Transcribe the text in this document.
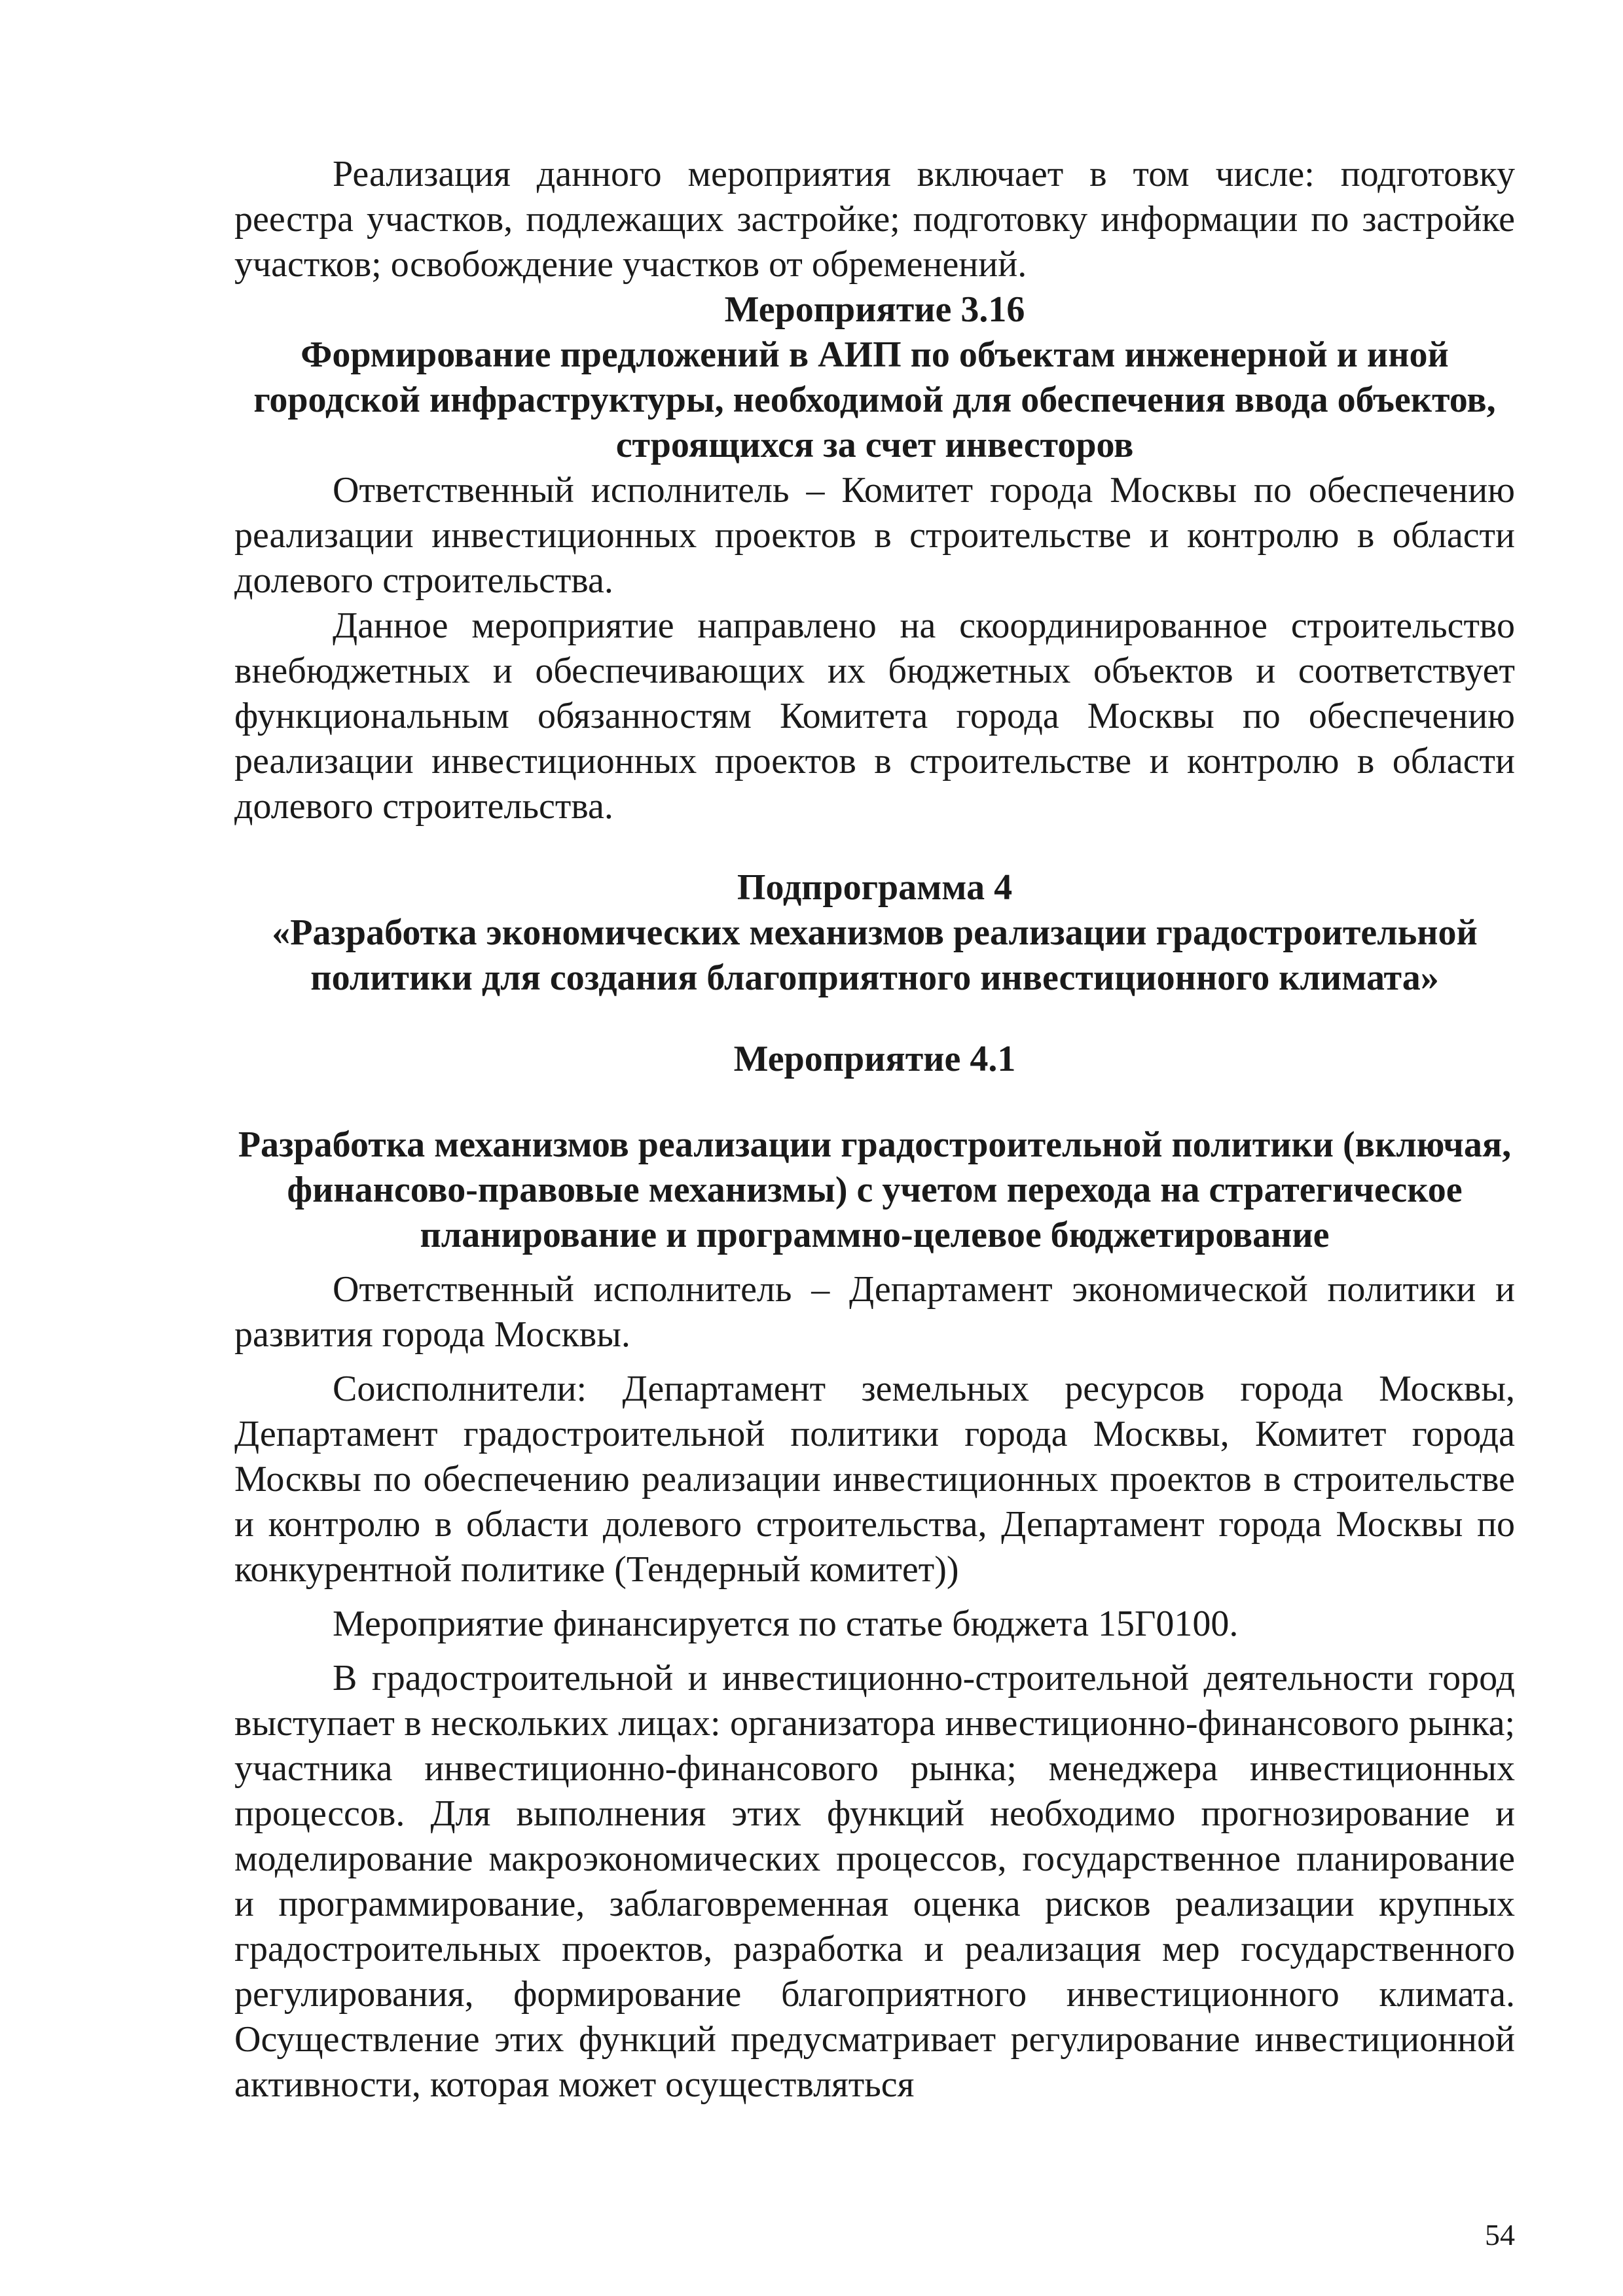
Реализация данного мероприятия включает в том числе: подготовку реестра участков, подлежащих застройке; подготовку информации по застройке участков; освобождение участков от обременений.

Мероприятие 3.16
Формирование предложений в АИП по объектам инженерной и иной городской инфраструктуры, необходимой для обеспечения ввода объектов, строящихся за счет инвесторов

Ответственный исполнитель – Комитет города Москвы по обеспечению реализации инвестиционных проектов в строительстве и контролю в области долевого строительства.

Данное мероприятие направлено на скоординированное строительство внебюджетных и обеспечивающих их бюджетных объектов и соответствует функциональным обязанностям Комитета города Москвы по обеспечению реализации инвестиционных проектов в строительстве и контролю в области долевого строительства.

Подпрограмма 4
«Разработка экономических механизмов реализации градостроительной политики для создания благоприятного инвестиционного климата»
Мероприятие 4.1
Разработка механизмов реализации градостроительной политики (включая, финансово-правовые механизмы) с учетом перехода на стратегическое планирование и программно-целевое бюджетирование

Ответственный исполнитель – Департамент экономической политики и развития города Москвы.

Соисполнители: Департамент земельных ресурсов города Москвы, Департамент градостроительной политики города Москвы, Комитет города Москвы по обеспечению реализации инвестиционных проектов в строительстве и контролю в области долевого строительства, Департамент города Москвы по конкурентной политике (Тендерный комитет))

Мероприятие финансируется по статье бюджета 15Г0100.

В градостроительной и инвестиционно-строительной деятельности город выступает в нескольких лицах: организатора инвестиционно-финансового рынка; участника инвестиционно-финансового рынка; менеджера инвестиционных процессов. Для выполнения этих функций необходимо прогнозирование и моделирование макроэкономических процессов, государственное планирование и программирование, заблаговременная оценка рисков реализации крупных градостроительных проектов, разработка и реализация мер государственного регулирования, формирование благоприятного инвестиционного климата. Осуществление этих функций предусматривает регулирование инвестиционной активности, которая может осуществляться

54
